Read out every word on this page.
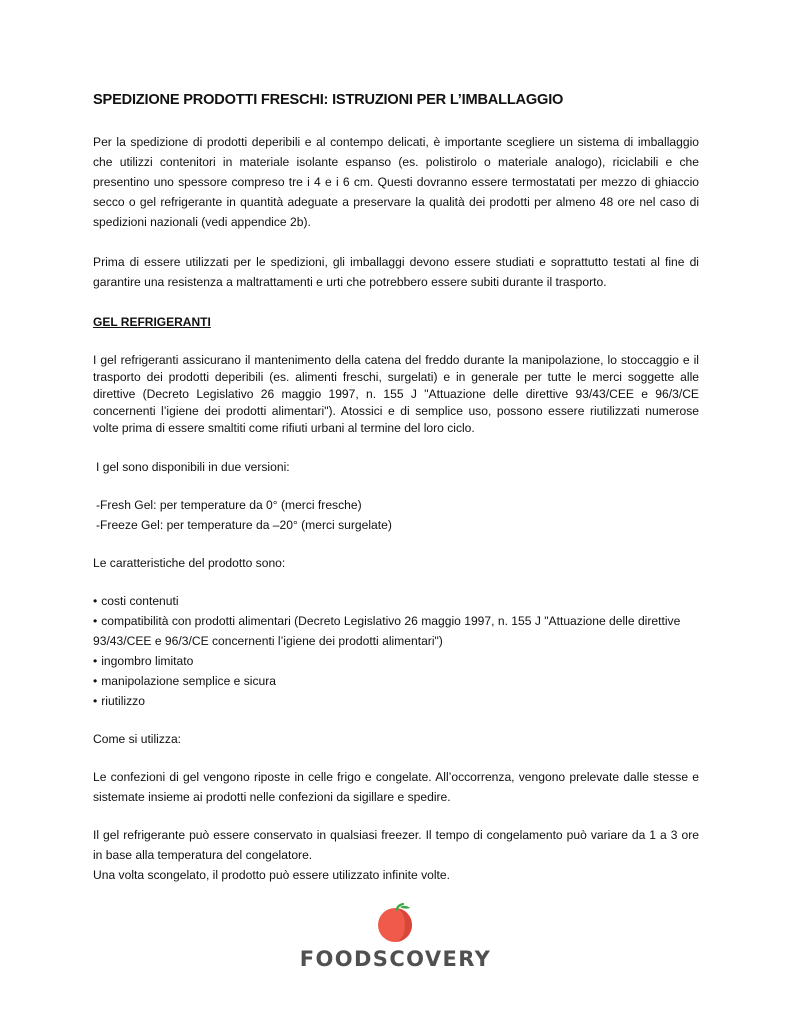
SPEDIZIONE PRODOTTI FRESCHI: ISTRUZIONI PER L’IMBALLAGGIO

Per la spedizione di prodotti deperibili e al contempo delicati, è importante scegliere un sistema di imballaggio che utilizzi contenitori in materiale isolante espanso (es. polistirolo o materiale analogo), riciclabili e che presentino uno spessore compreso tre i 4 e i 6 cm. Questi dovranno essere termostatati per mezzo di ghiaccio secco o gel refrigerante in quantità adeguate a preservare la qualità dei prodotti per almeno 48 ore nel caso di spedizioni nazionali (vedi appendice 2b).

Prima di essere utilizzati per le spedizioni, gli imballaggi devono essere studiati e soprattutto testati al fine di garantire una resistenza a maltrattamenti e urti che potrebbero essere subiti durante il trasporto.

GEL REFRIGERANTI

I gel refrigeranti assicurano il mantenimento della catena del freddo durante la manipolazione, lo stoccaggio e il trasporto dei prodotti deperibili (es. alimenti freschi, surgelati) e in generale per tutte le merci soggette alle direttive (Decreto Legislativo 26 maggio 1997, n. 155 J "Attuazione delle direttive 93/43/CEE e 96/3/CE concernenti l’igiene dei prodotti alimentari"). Atossici e di semplice uso, possono essere riutilizzati numerose volte prima di essere smaltiti come rifiuti urbani al termine del loro ciclo.

I gel sono disponibili in due versioni:

-Fresh Gel: per temperature da 0° (merci fresche)

-Freeze Gel: per temperature da –20° (merci surgelate)

Le caratteristiche del prodotto sono:

• costi contenuti
• compatibilità con prodotti alimentari (Decreto Legislativo 26 maggio 1997, n. 155 J "Attuazione delle direttive 93/43/CEE e 96/3/CE concernenti l’igiene dei prodotti alimentari")
• ingombro limitato
• manipolazione semplice e sicura
• riutilizzo

Come si utilizza:

Le confezioni di gel vengono riposte in celle frigo e congelate. All’occorrenza, vengono prelevate dalle stesse e sistemate insieme ai prodotti nelle confezioni da sigillare e spedire.

Il gel refrigerante può essere conservato in qualsiasi freezer. Il tempo di congelamento può variare da 1 a 3 ore in base alla temperatura del congelatore.

Una volta scongelato, il prodotto può essere utilizzato infinite volte.

FOODSCOVERY
